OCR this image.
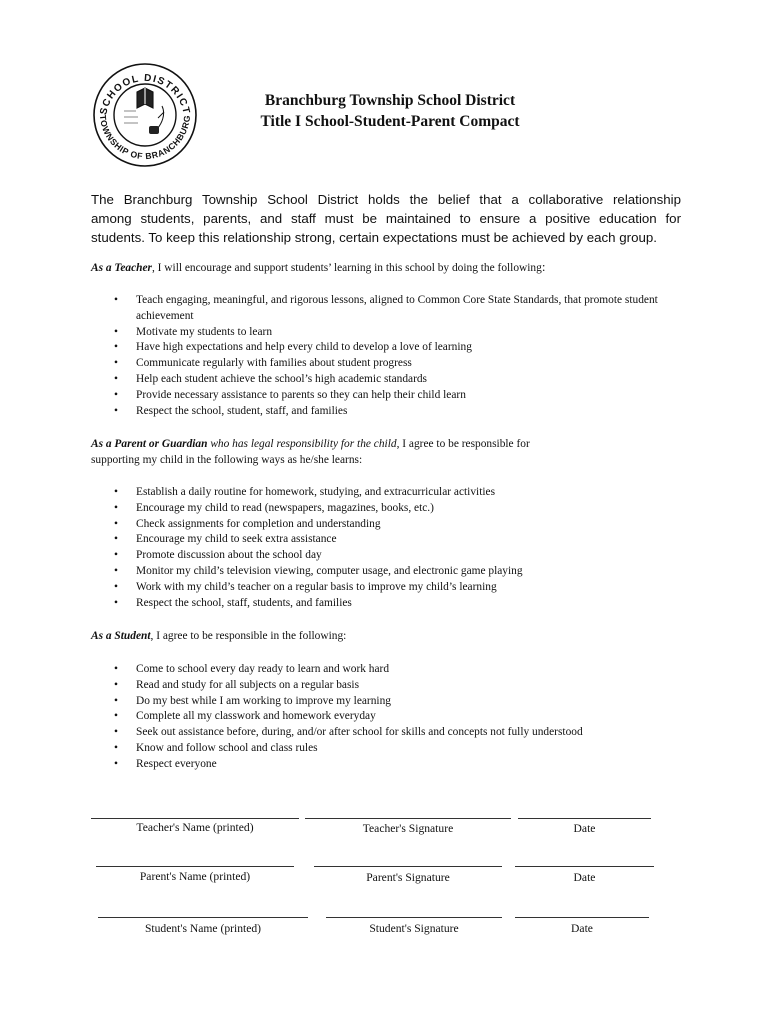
SCHOOL DISTRICT
TOWNSHIP OF BRANCHBURG
Branchburg Township School District
Title I School-Student-Parent Compact
The Branchburg Township School District holds the belief that a collaborative relationship
among students, parents, and staff must be maintained to ensure a positive education for
students. To keep this relationship strong, certain expectations must be achieved by each group.
As a Teacher, I will encourage and support students’ learning in this school by doing the following:
• Teach engaging, meaningful, and rigorous lessons, aligned to Common Core State Standards, that promote student achievement
• Motivate my students to learn
• Have high expectations and help every child to develop a love of learning
• Communicate regularly with families about student progress
• Help each student achieve the school’s high academic standards
• Provide necessary assistance to parents so they can help their child learn
• Respect the school, student, staff, and families
As a Parent or Guardian who has legal responsibility for the child, I agree to be responsible for supporting my child in the following ways as he/she learns:
• Establish a daily routine for homework, studying, and extracurricular activities
• Encourage my child to read (newspapers, magazines, books, etc.)
• Check assignments for completion and understanding
• Encourage my child to seek extra assistance
• Promote discussion about the school day
• Monitor my child’s television viewing, computer usage, and electronic game playing
• Work with my child’s teacher on a regular basis to improve my child’s learning
• Respect the school, staff, students, and families
As a Student, I agree to be responsible in the following:
• Come to school every day ready to learn and work hard
• Read and study for all subjects on a regular basis
• Do my best while I am working to improve my learning
• Complete all my classwork and homework everyday
• Seek out assistance before, during, and/or after school for skills and concepts not fully understood
• Know and follow school and class rules
• Respect everyone
Teacher's Name (printed)	Teacher's Signature	Date
Parent's Name (printed)	Parent's Signature	Date
Student's Name (printed)	Student's Signature	Date
